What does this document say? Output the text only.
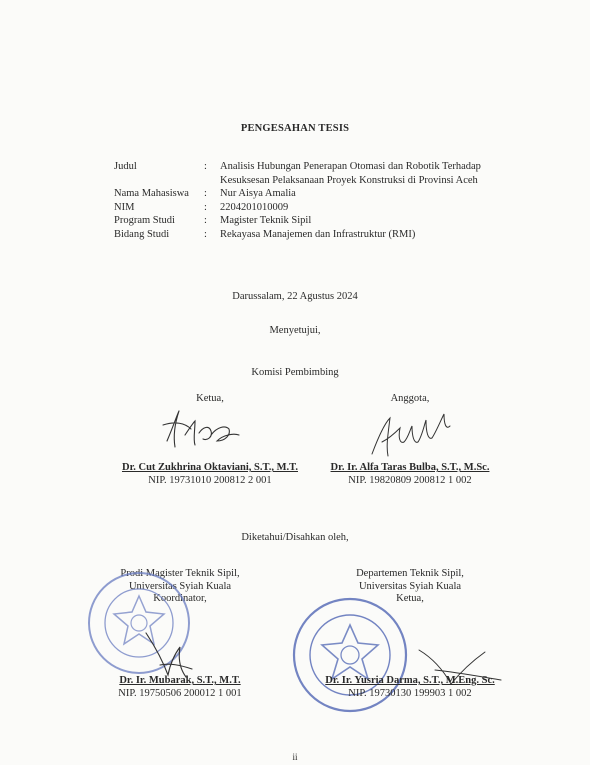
PENGESAHAN TESIS
Judul	:	Analisis Hubungan Penerapan Otomasi dan Robotik Terhadap
Kesuksesan Pelaksanaan Proyek Konstruksi di Provinsi Aceh
Nama Mahasiswa	:	Nur Aisya Amalia
NIM	:	2204201010009
Program Studi	:	Magister Teknik Sipil
Bidang Studi	:	Rekayasa Manajemen dan Infrastruktur (RMI)
Darussalam, 22 Agustus 2024
Menyetujui,
Komisi Pembimbing
Ketua,
Dr. Cut Zukhrina Oktaviani, S.T., M.T.
NIP. 19731010 200812 2 001
Anggota,
Dr. Ir. Alfa Taras Bulba, S.T., M.Sc.
NIP. 19820809 200812 1 002
Diketahui/Disahkan oleh,
Prodi Magister Teknik Sipil,
Universitas Syiah Kuala
Koordinator,
Dr. Ir. Mubarak, S.T., M.T.
NIP. 19750506 200012 1 001
Departemen Teknik Sipil,
Universitas Syiah Kuala
Ketua,
Dr. Ir. Yusria Darma, S.T., M.Eng. Sc.
NIP. 19730130 199903 1 002
ii
